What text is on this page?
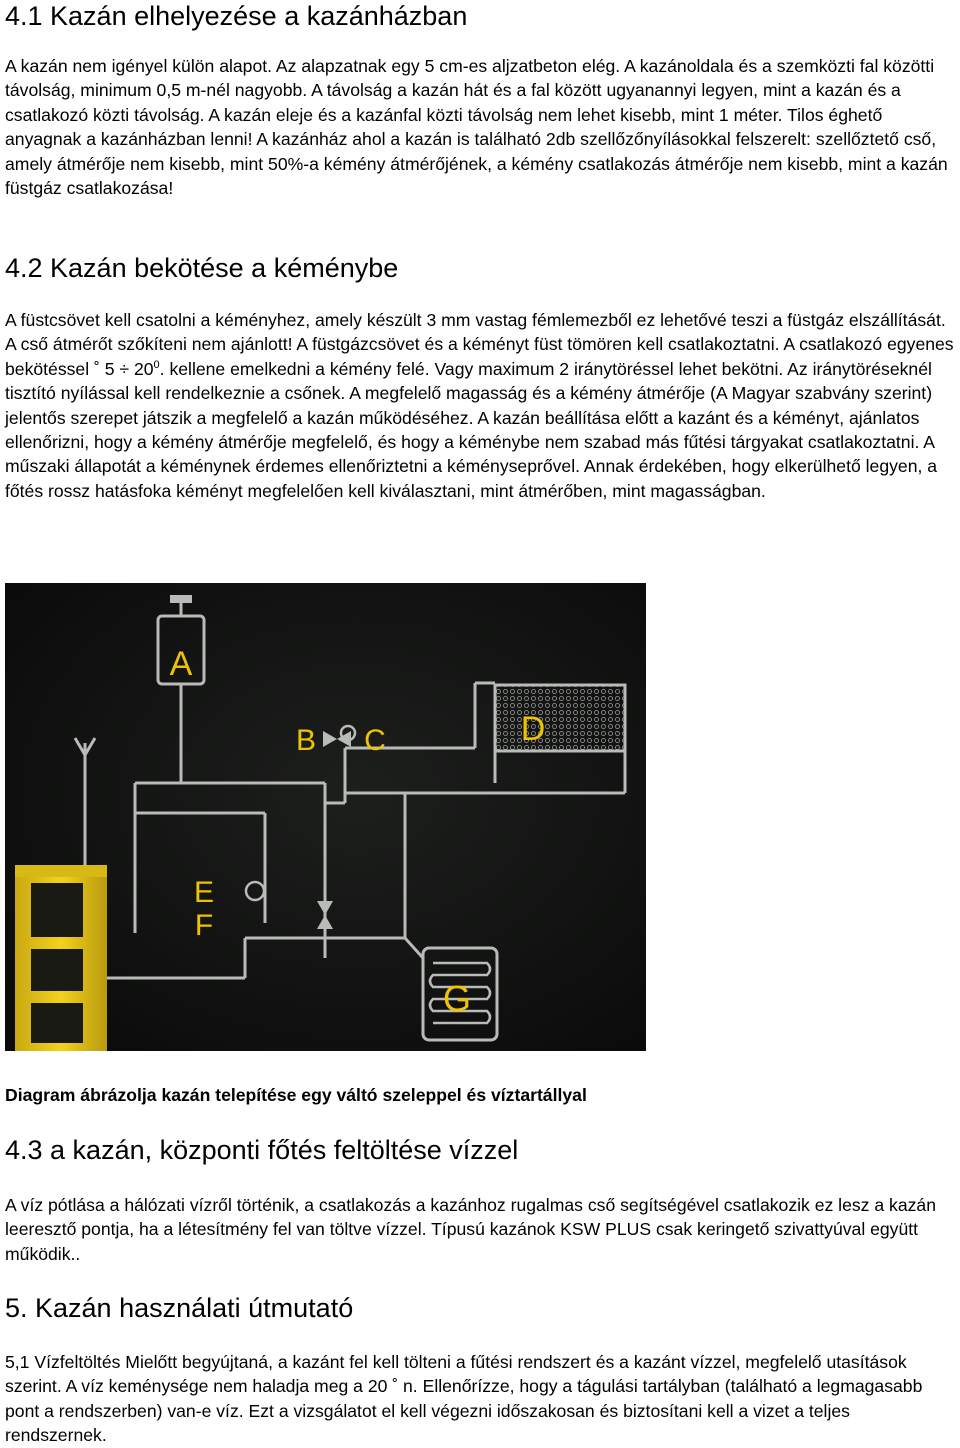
4.1 Kazán elhelyezése a kazánházban

A kazán nem igényel külön alapot. Az alapzatnak egy 5 cm-es aljzatbeton elég. A kazánoldala és a szemközti fal közötti távolság, minimum 0,5 m-nél nagyobb. A távolság a kazán hát és a fal között ugyanannyi legyen, mint a kazán és a csatlakozó közti távolság. A kazán eleje és a kazánfal közti távolság nem lehet kisebb, mint 1 méter. Tilos éghető anyagnak a kazánházban lenni! A kazánház ahol a kazán is található 2db szellőzőnyílásokkal felszerelt: szellőztető cső, amely átmérője nem kisebb, mint 50%-a kémény átmérőjének, a kémény csatlakozás átmérője nem kisebb, mint a kazán füstgáz csatlakozása!

4.2 Kazán bekötése a kéménybe

A füstcsövet kell csatolni a kéményhez, amely készült 3 mm vastag fémlemezből ez lehetővé teszi a füstgáz elszállítását. A cső átmérőt szőkíteni nem ajánlott! A füstgázcsövet és a kéményt füst tömören kell csatlakoztatni. A csatlakozó egyenes bekötéssel ˚ $5 \div 20^0$. kellene emelkedni a kémény felé. Vagy maximum 2 iránytöréssel lehet bekötni. Az iránytöréseknél tisztító nyílással kell rendelkeznie a csőnek. A megfelelő magasság és a kémény átmérője (A Magyar szabvány szerint) jelentős szerepet játszik a megfelelő a kazán működéséhez. A kazán beállítása előtt a kazánt és a kéményt, ajánlatos ellenőrizni, hogy a kémény átmérője megfelelő, és hogy a kéménybe nem szabad más fűtési tárgyakat csatlakoztatni. A műszaki állapotát a kéménynek érdemes ellenőriztetni a kéményseprővel. Annak érdekében, hogy elkerülhető legyen, a főtés rossz hatásfoka kéményt megfelelően kell kiválasztani, mint átmérőben, mint magasságban.

A
B C	D
E
F
G
Diagram ábrázolja kazán telepítése egy váltó szeleppel és víztartállyal
4.3 a kazán, központi főtés feltöltése vízzel

A víz pótlása a hálózati vízről történik, a csatlakozás a kazánhoz rugalmas cső segítségével csatlakozik ez lesz a kazán leeresztő pontja, ha a létesítmény fel van töltve vízzel. Típusú kazánok KSW PLUS csak keringető szivattyúval együtt működik..

5. Kazán használati útmutató

5,1 Vízfeltöltés Mielőtt begyújtaná, a kazánt fel kell tölteni a fűtési rendszert és a kazánt vízzel, megfelelő utasítások szerint. A víz keménysége nem haladja meg a 20 ˚ n. Ellenőrízze, hogy a tágulási tartályban (található a legmagasabb pont a rendszerben) van-e víz. Ezt a vizsgálatot el kell végezni időszakosan és biztosítani kell a vizet a teljes rendszernek.
